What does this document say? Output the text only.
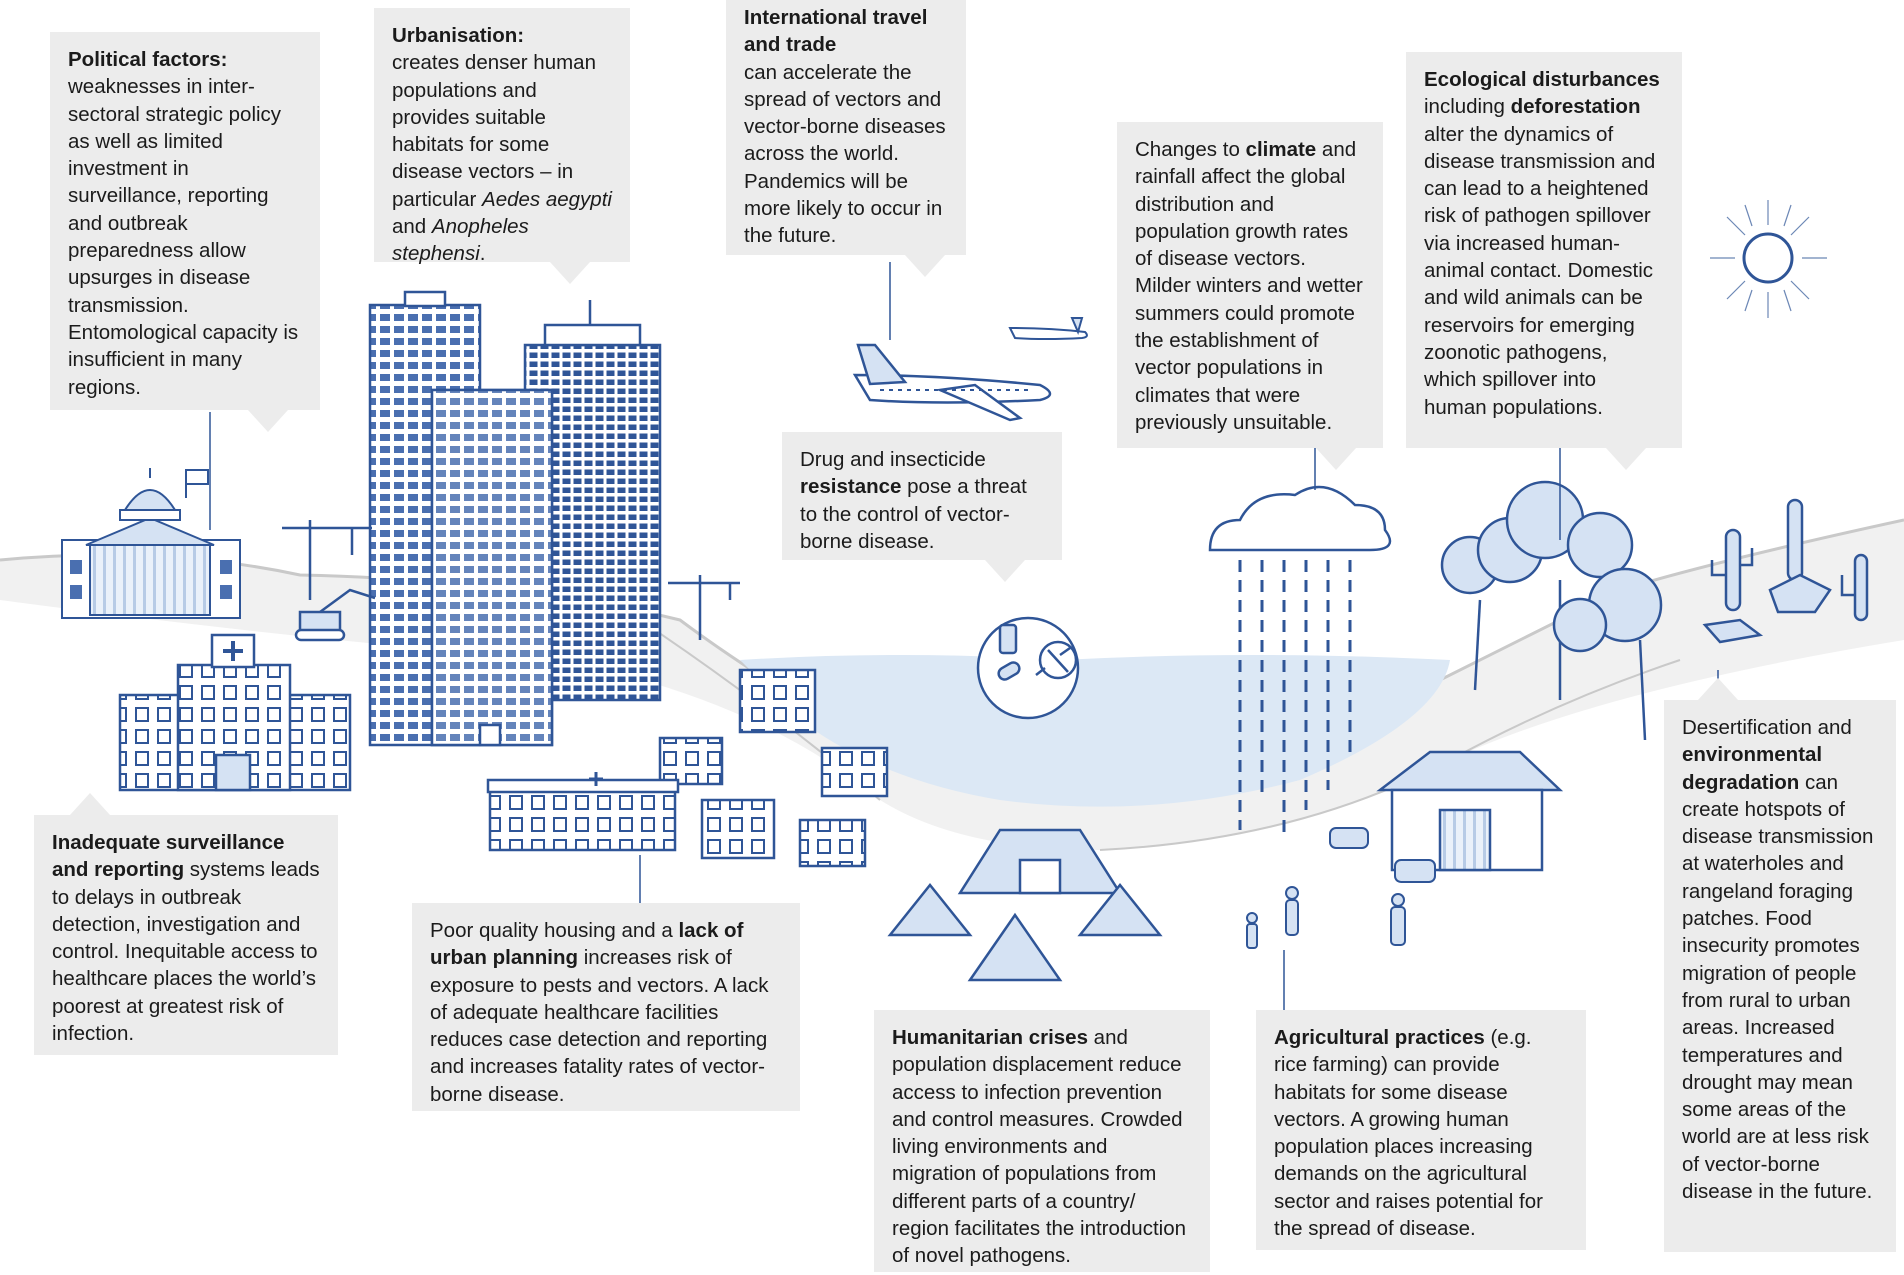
Political factors:
weaknesses in inter-sectoral strategic policy as well as limited investment in surveillance, reporting and outbreak preparedness allow upsurges in disease transmission. Entomological capacity is insufficient in many regions.

Urbanisation:
creates denser human populations and provides suitable habitats for some disease vectors – in particular Aedes aegypti and Anopheles stephensi.

International travel and trade
can accelerate the spread of vectors and vector-borne diseases across the world. Pandemics will be more likely to occur in the future.

Changes to climate and rainfall affect the global distribution and population growth rates of disease vectors. Milder winters and wetter summers could promote the establishment of vector populations in climates that were previously unsuitable.

Ecological disturbances
including deforestation alter the dynamics of disease transmission and can lead to a heightened risk of pathogen spillover via increased human-animal contact. Domestic and wild animals can be reservoirs for emerging zoonotic pathogens, which spillover into human populations.

Drug and insecticide resistance pose a threat to the control of vector-borne disease.

Inadequate surveillance and reporting systems leads to delays in outbreak detection, investigation and control. Inequitable access to healthcare places the world’s poorest at greatest risk of infection.

Poor quality housing and a lack of urban planning increases risk of exposure to pests and vectors. A lack of adequate healthcare facilities reduces case detection and reporting and increases fatality rates of vector-borne disease.

Humanitarian crises and population displacement reduce access to infection prevention and control measures. Crowded living environments and migration of populations from different parts of a country/ region facilitates the introduction of novel pathogens.

Agricultural practices (e.g. rice farming) can provide habitats for some disease vectors. A growing human population places increasing demands on the agricultural sector and raises potential for the spread of disease.

Desertification and environmental degradation can create hotspots of disease transmission at waterholes and rangeland foraging patches. Food insecurity promotes migration of people from rural to urban areas. Increased temperatures and drought may mean some areas of the world are at less risk of vector-borne disease in the future.
